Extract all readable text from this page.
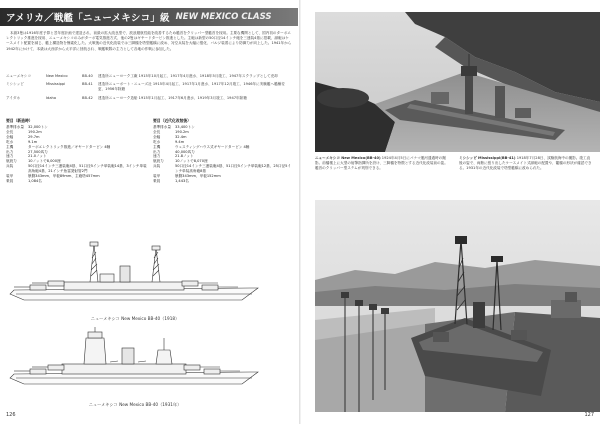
アメリカ／戦艦「ニューメキシコ」級 NEW MEXICO CLASS

本級3隻は1916年度予算と翌年度計画で建造され、前級の拡大改良型で、波浪避航性能を改善するため艦首をクリッパー型艦首を採用。主要な機関として、国内初のターボエレクトリック推進を採用、ニューメキシコのみがターボ電気推進方式、他の2隻はギヤードタービン推進とした。主砲は新型の50口径14インチ砲を三連装4基に搭載、副砲はケースメイト配置を減じ、艦上構造物を簡素化した。大戦後の近代化改装では三脚檣を塔型艦橋に改め、対空兵装を大幅に強化、バルジ装着により防御力が向上した。1941年から1942年にかけて、本級は大西洋から太平洋に回航され、戦艦戦隊の主力として各地の作戦に参加した。

ニューメキシコ	New Mexico	BB-40	建造所ニューヨーク工廠 1915年10月起工、1917年4月進水、1918年5月竣工、1947年スクラップとして売却
ミシシッピ	Mississippi	BB-41	建造所ニューポート・ニューズ社 1915年4月起工、1917年1月進水、1917年12月竣工、1946年に実験艦へ艦種変更、1956年除籍
アイダホ	Idaho	BB-42	建造所ニューヨーク造船 1915年1月起工、1917年6月進水、1919年3月竣工、1947年除籍
要目（新造時）
基準排水量	32,000トン
全長	190.2m
全幅	29.7m
吃水	9.1m
主機	ターボエレクトリック推進／ギヤードタービン 4軸
出力	27,500馬力
速力	21.0ノット
航続力	10ノットで8,000浬
兵装	50口径14インチ三連装砲4基、51口径5インチ単装砲14基、3インチ単装高角砲4基、21インチ魚雷発射管2門
装甲	舷側343mm、甲板89mm、主砲塔457mm
乗員	1,084名
要目（近代化改装後）
基準排水量	33,400トン
全長	190.2m
全幅	32.4m
吃水	9.4m
主機	ウェスティングハウス式ギヤードタービン 4軸
出力	40,000馬力
速力	21.8ノット
航続力	10ノットで8,070浬
兵装	50口径14インチ三連装砲4基、51口径5インチ単装砲12基、25口径5インチ単装高角砲8基
装甲	舷側343mm、甲板152mm
乗員	1,443名
ニューメキシコ New Mexico BB-40（1918）
ニューメキシコ New Mexico BB-40（1931年）
126
ニューメキシコ New Mexico(BB-40) 1924年4月5日にパナマ運河通過時の撮影。前檣楼上に大型の射撃指揮所を設け、三脚檣を特徴とする近代化改装前の姿。艦首のクリッパー型ステムが判別できる。
ミシシッピ Mississippi(BB-41) 1918年7月28日、試験航海中の撮影。竣工直後の姿で、両舷に張り出したケースメイト式副砲の配置や、籠檣の形状が確認できる。1931年の近代化改装で塔型艦橋に改められた。
127
